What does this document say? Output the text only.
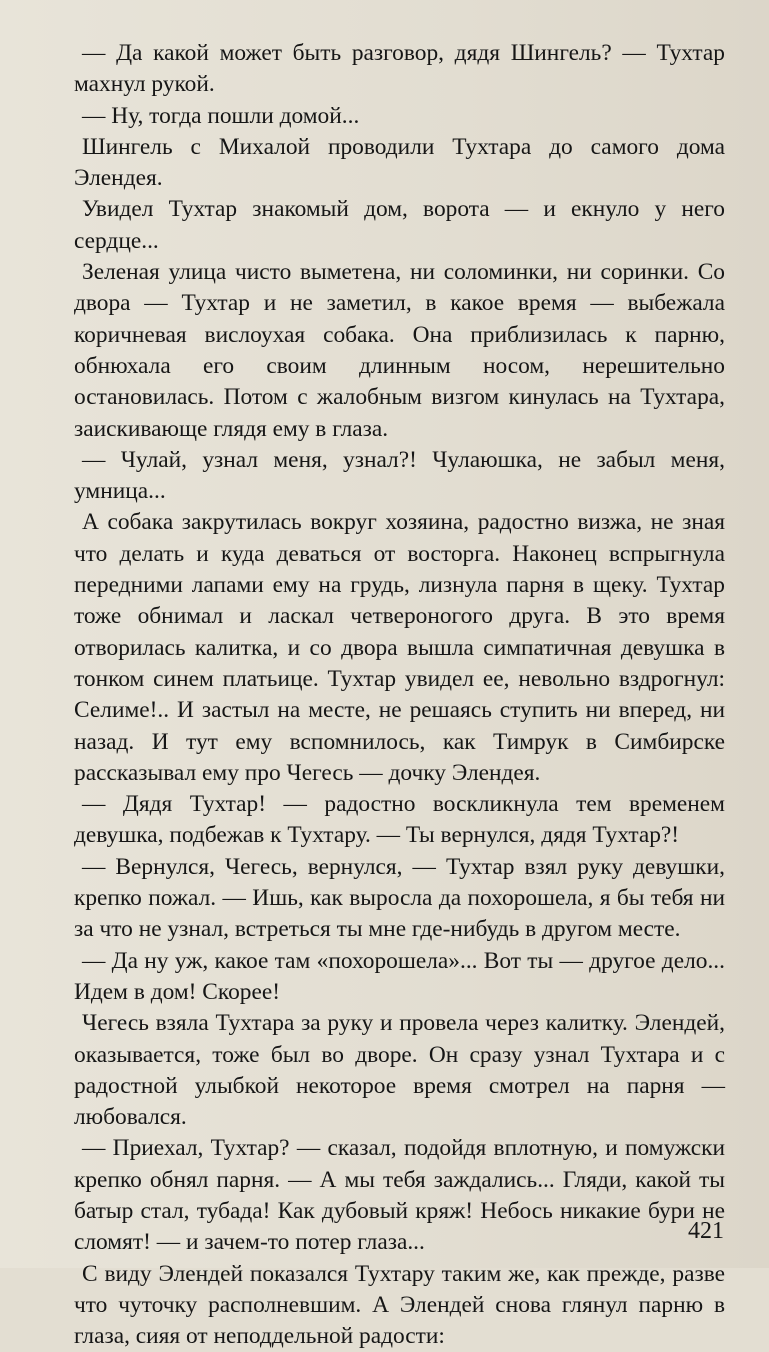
— Да какой может быть разговор, дядя Шингель? — Тухтар махнул рукой.

— Ну, тогда пошли домой...

Шингель с Михалой проводили Тухтара до самого дома Элендея.

Увидел Тухтар знакомый дом, ворота — и екнуло у него сердце...

Зеленая улица чисто выметена, ни соломинки, ни соринки. Со двора — Тухтар и не заметил, в какое время — выбежала коричневая вислоухая собака. Она приблизилась к парню, обнюхала его своим длинным носом, нерешительно остановилась. Потом с жалобным визгом кинулась на Тухтара, заискивающе глядя ему в глаза.

— Чулай, узнал меня, узнал?! Чулаюшка, не забыл меня, умница...

А собака закрутилась вокруг хозяина, радостно визжа, не зная что делать и куда деваться от восторга. Наконец вспрыгнула передними лапами ему на грудь, лизнула парня в щеку. Тухтар тоже обнимал и ласкал четвероногого друга. В это время отворилась калитка, и со двора вышла симпатичная девушка в тонком синем платьице. Тухтар увидел ее, невольно вздрогнул: Селиме!.. И застыл на месте, не решаясь ступить ни вперед, ни назад. И тут ему вспомнилось, как Тимрук в Симбирске рассказывал ему про Чегесь — дочку Элендея.

— Дядя Тухтар! — радостно воскликнула тем временем девушка, подбежав к Тухтару. — Ты вернулся, дядя Тухтар?!

— Вернулся, Чегесь, вернулся, — Тухтар взял руку девушки, крепко пожал. — Ишь, как выросла да похорошела, я бы тебя ни за что не узнал, встреться ты мне где-нибудь в другом месте.

— Да ну уж, какое там «похорошела»... Вот ты — другое дело... Идем в дом! Скорее!

Чегесь взяла Тухтара за руку и провела через калитку. Элендей, оказывается, тоже был во дворе. Он сразу узнал Тухтара и с радостной улыбкой некоторое время смотрел на парня — любовался.

— Приехал, Тухтар? — сказал, подойдя вплотную, и помужски крепко обнял парня. — А мы тебя заждались... Гляди, какой ты батыр стал, тубада! Как дубовый кряж! Небось никакие бури не сломят! — и зачем-то потер глаза...

С виду Элендей показался Тухтару таким же, как прежде, разве что чуточку располневшим. А Элендей снова глянул парню в глаза, сияя от неподдельной радости:

421
